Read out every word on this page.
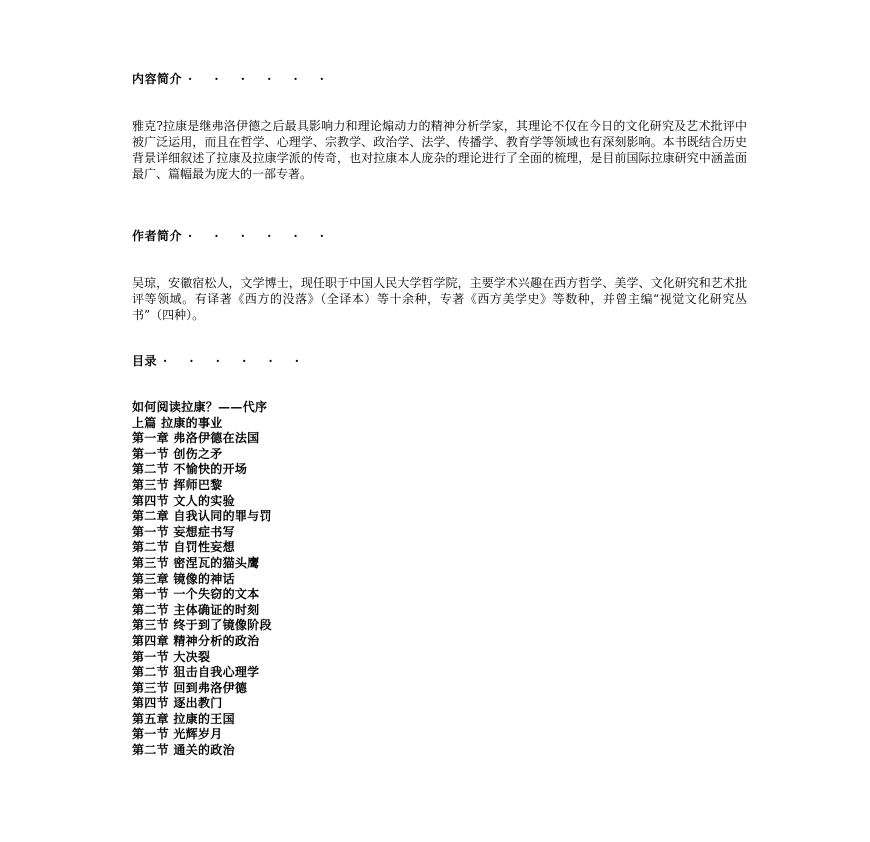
内容简介 · · · · · ·
雅克?拉康是继弗洛伊德之后最具影响力和理论煽动力的精神分析学家，其理论不仅在今日的文化研究及艺术批评中被广泛运用，而且在哲学、心理学、宗教学、政治学、法学、传播学、教育学等领域也有深刻影响。本书既结合历史背景详细叙述了拉康及拉康学派的传奇，也对拉康本人庞杂的理论进行了全面的梳理，是目前国际拉康研究中涵盖面最广、篇幅最为庞大的一部专著。
作者简介 · · · · · ·
吴琼，安徽宿松人，文学博士，现任职于中国人民大学哲学院，主要学术兴趣在西方哲学、美学、文化研究和艺术批评等领域。有译著《西方的没落》（全译本）等十余种，专著《西方美学史》等数种，并曾主编“视觉文化研究丛书”（四种）。
目录 · · · · · ·
如何阅读拉康？——代序
上篇 拉康的事业
第一章 弗洛伊德在法国
第一节 创伤之矛
第二节 不愉快的开场
第三节 挥师巴黎
第四节 文人的实验
第二章 自我认同的罪与罚
第一节 妄想症书写
第二节 自罚性妄想
第三节 密涅瓦的猫头鹰
第三章 镜像的神话
第一节 一个失窃的文本
第二节 主体确证的时刻
第三节 终于到了镜像阶段
第四章 精神分析的政治
第一节 大决裂
第二节 狙击自我心理学
第三节 回到弗洛伊德
第四节 逐出教门
第五章 拉康的王国
第一节 光辉岁月
第二节 通关的政治
